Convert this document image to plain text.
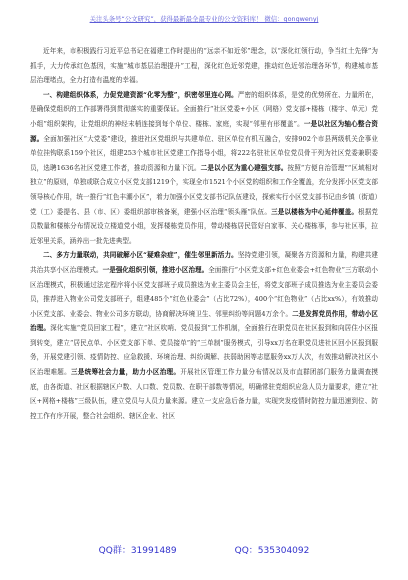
关注头条号“公文研究”，获得最新最全最专业的公文资料库！ 微信：gongwenyj

近年来，市积极践行习近平总书记在福建工作时提出的“远亲不如近邻”理念，以“深化红领行动，争当红土先锋”为抓手，大力传承红色基因，实施“城市基层治理提升”工程，深化红色近邻党建，推动红色近邻治理各环节，构建城市基层治理堵点，全力打造有温度的幸福。

一、构建组织体系，力促党建资源“化零为整”，织密邻里连心网。严密的组织体系，是党的优势所在、力量所在，是确保党组织的工作部署得到贯彻落实的重要保证。全面推行“社区党委+小区（网格）党支部+楼栋（楼宇、单元）党小组”组织架构，让党组织的神经末梢连接到每个单位、楼栋、家庭，实现“邻里有形覆盖”。一是以社区为轴心整合资源。全面加强社区“大党委”建设，推进社区党组织与共建单位、驻区单位有机互融合，安排902个市县两级机关企事业单位挂钩联系159个社区，组建253个城市社区党建工作指导小组，将222名驻社区单位党员骨干列为社区党委兼职委员，选聘1636名社区党建工作者，推动资源和力量下沉。二是以小区为重心建强支部。按照“方便自治管理”“区域相对独立”的原则，单独或联合成立小区党支部1219个，实现全市1521个小区党的组织和工作全覆盖，充分发挥小区党支部领导核心作用，统一推行“红色丰潮小区”，着力加强小区党支部书记队伍建设，探索实行小区党支部书记由乡镇（街道）党（工）委提名、县（市、区）委组织部审核备案，建强小区治理“领头雁”队伍。三是以楼栋为中心延伸覆盖。根据党员数量和楼栋分布情况设立楼道党小组，发挥楼栋党员作用，带动楼栋居民管好自家事、关心楼栋事，参与社区事，拉近邻里关系，涵养出一批先进典型。

二、多方力量联动，共同破解小区“疑难杂症”，催生邻里新活力。坚持党建引领，凝聚各方资源和力量，构建共建共治共享小区治理模式。一是强化组织引领，推进小区治理。全面推行“小区党支部+红色业委会+红色物业”三方联动小区治理模式，积极通过法定程序将小区党支部班子成员推选为业主委员会主任，将党支部班子成员推选为业主委员会委员，推荐进入物业公司党支部班子，组建485个“红色业委会”（占比72%），400个“红色物业”（占比xx%），有效推动小区党支部、业委会、物业公司多方联动，协商解决环境卫生、邻里纠纷等问题4万余个。二是发挥党员作用，带动小区治理。深化实施“党员回家工程”，建立“社区吹哨、党员报到”工作机制，全面推行在职党员在社区报到和向居住小区报到转变，建立“居民点单、小区党支部下单、党员接单”的“三单制”服务模式，引导xx万名在职党员进社区回小区报到服务，开展党建引领、疫情防控、应急救援、环境治理、纠纷调解、扶弱助困等志愿服务xx万人次，有效推动解决社区小区治理难题。三是统筹社会力量，助力小区治理。开展社区管理工作力量分布情况以及市直群团部门服务力量调查摸底，由各街道、社区根据辖区户数、人口数、党员数、在职干部数等情况，明确常驻党组织应急人员力量要求，建立“社区+网格+楼栋”三级队伍，建立党员与人员力量来源。建立一支应急后备力量，实现突发疫情时防控力量迅速到位、防控工作有序开展，整合社会组织、辖区企业、社区

QQ群：31991489	QQ：535304092
